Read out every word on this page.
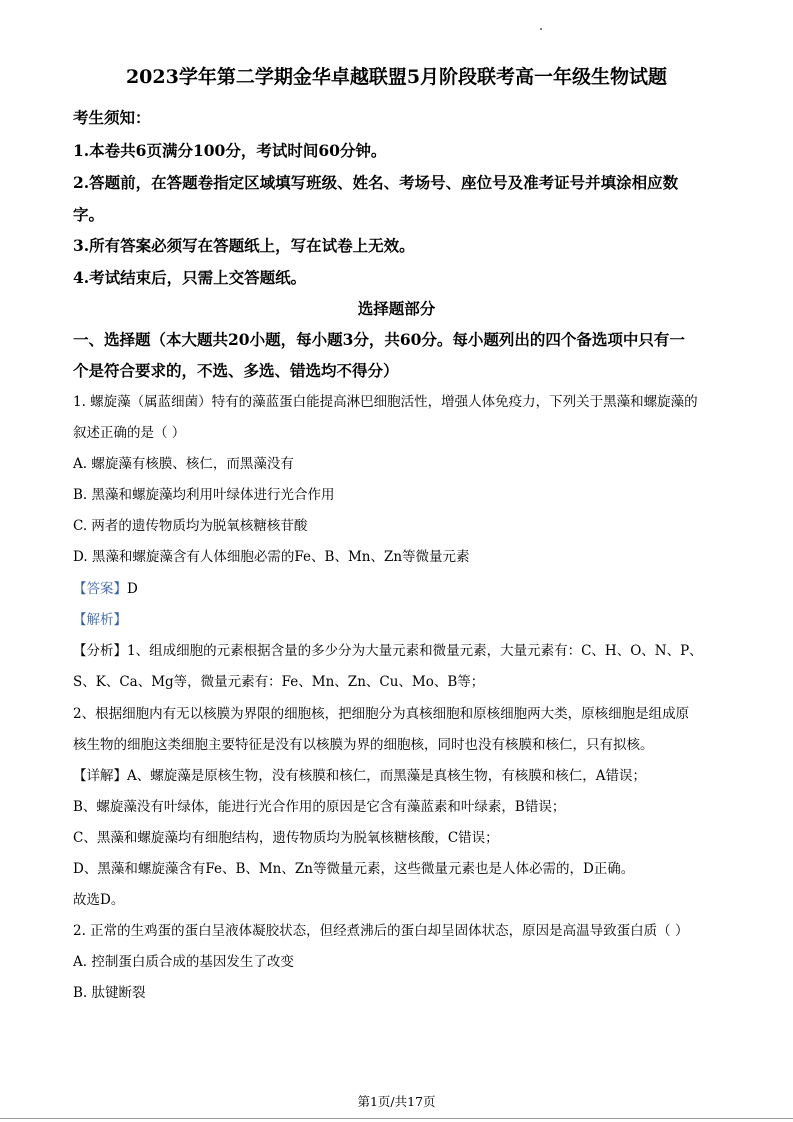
2023学年第二学期金华卓越联盟5月阶段联考高一年级生物试题
考生须知：
1.本卷共6页满分100分，考试时间60分钟。
2.答题前，在答题卷指定区域填写班级、姓名、考场号、座位号及准考证号并填涂相应数
字。
3.所有答案必须写在答题纸上，写在试卷上无效。
4.考试结束后，只需上交答题纸。
选择题部分
一、选择题（本大题共20小题，每小题3分，共60分。每小题列出的四个备选项中只有一
个是符合要求的，不选、多选、错选均不得分）
1. 螺旋藻（属蓝细菌）特有的藻蓝蛋白能提高淋巴细胞活性，增强人体免疫力，下列关于黑藻和螺旋藻的
叙述正确的是（ ）
A. 螺旋藻有核膜、核仁，而黑藻没有
B. 黑藻和螺旋藻均利用叶绿体进行光合作用
C. 两者的遗传物质均为脱氧核糖核苷酸
D. 黑藻和螺旋藻含有人体细胞必需的Fe、B、Mn、Zn等微量元素
【答案】D
【解析】
【分析】1、组成细胞的元素根据含量的多少分为大量元素和微量元素，大量元素有：C、H、O、N、P、
S、K、Ca、Mg等，微量元素有：Fe、Mn、Zn、Cu、Mo、B等；
2、根据细胞内有无以核膜为界限的细胞核，把细胞分为真核细胞和原核细胞两大类，原核细胞是组成原
核生物的细胞这类细胞主要特征是没有以核膜为界的细胞核，同时也没有核膜和核仁，只有拟核。
【详解】A、螺旋藻是原核生物，没有核膜和核仁，而黑藻是真核生物，有核膜和核仁，A错误；
B、螺旋藻没有叶绿体，能进行光合作用的原因是它含有藻蓝素和叶绿素，B错误；
C、黑藻和螺旋藻均有细胞结构，遗传物质均为脱氧核糖核酸，C错误；
D、黑藻和螺旋藻含有Fe、B、Mn、Zn等微量元素，这些微量元素也是人体必需的，D正确。
故选D。
2. 正常的生鸡蛋的蛋白呈液体凝胶状态，但经煮沸后的蛋白却呈固体状态，原因是高温导致蛋白质（ ）
A. 控制蛋白质合成的基因发生了改变
B. 肽键断裂
第1页/共17页
